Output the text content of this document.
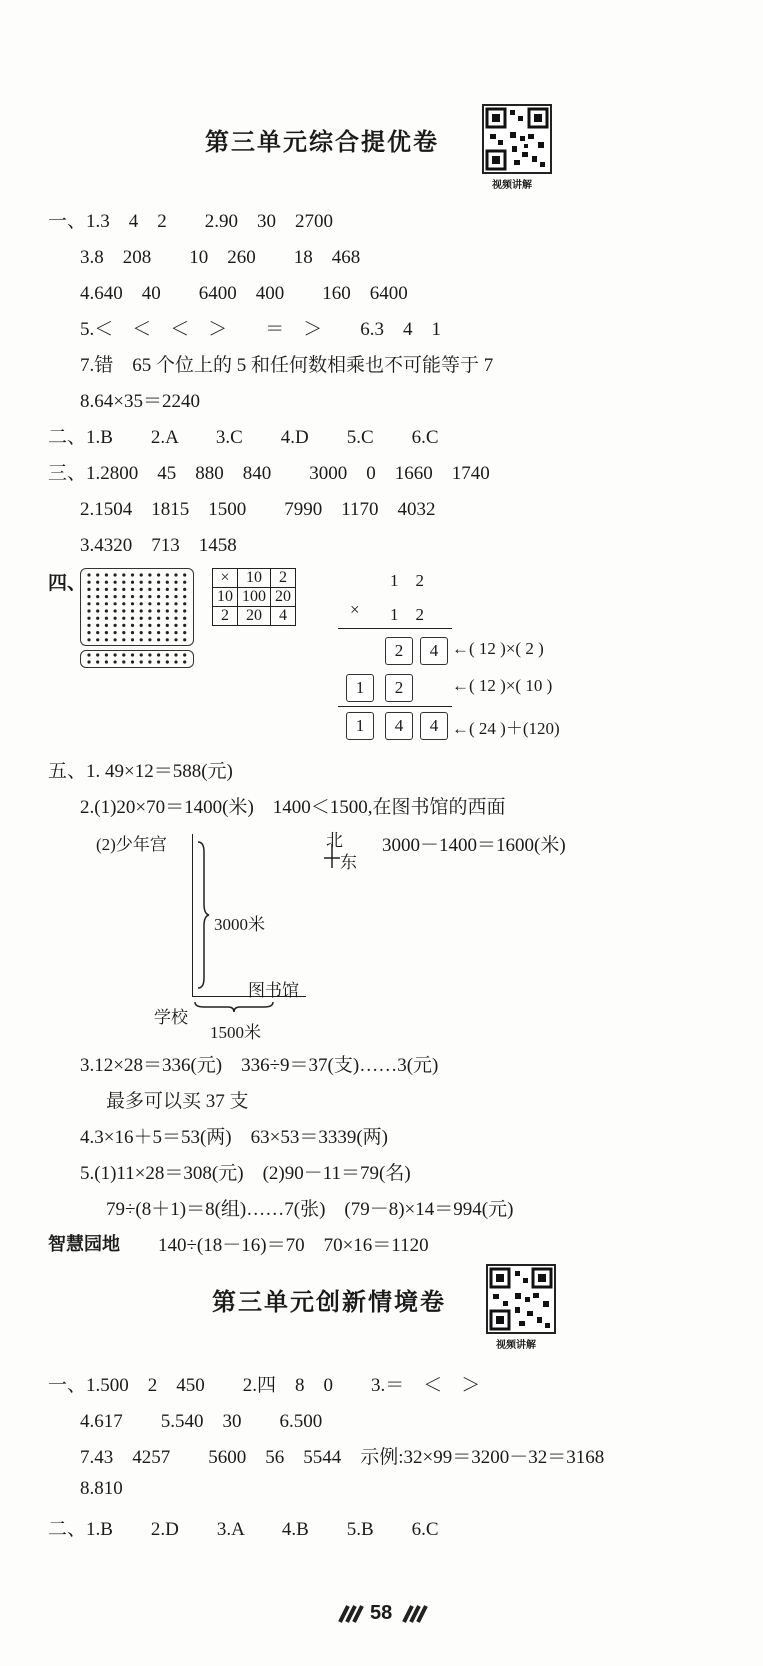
第三单元综合提优卷
视频讲解
一、1.3　4　2　　2.90　30　2700
3.8　208　　10　260　　18　468
4.640　40　　6400　400　　160　6400
5.＜　＜　＜　＞　　＝　＞　　6.3　4　1
7.错　65 个位上的 5 和任何数相乘也不可能等于 7
8.64×35＝2240
二、1.B　　2.A　　3.C　　4.D　　5.C　　6.C
三、1.2800　45　880　840　　3000　0　1660　1740
2.1504　1815　1500　　7990　1170　4032
3.4320　713　1458
四、	×	10	2
10	100	20
2	20	4
1　2
× 1　2
2	4 ←( 12 )×( 2 )
1	2	←( 12 )×( 10 )
1	4	4 ←( 24 )＋(120)
五、1. 49×12＝588(元)
2.(1)20×70＝1400(米)　1400＜1500,在图书馆的西面
(2)少年宫	北
东
3000－1400＝1600(米)
3000米
图书馆
学校
1500米
3.12×28＝336(元)　336÷9＝37(支)……3(元)
最多可以买 37 支
4.3×16＋5＝53(两)　63×53＝3339(两)
5.(1)11×28＝308(元)　(2)90－11＝79(名)
79÷(8＋1)＝8(组)……7(张)　(79－8)×14＝994(元)
智慧园地 140÷(18－16)＝70　70×16＝1120
第三单元创新情境卷
视频讲解
一、1.500　2　450　　2.四　8　0　　3.＝　＜　＞
4.617　　5.540　30　　6.500
7.43　4257　　5600　56　5544　示例:32×99＝3200－32＝3168
8.810
二、1.B　　2.D　　3.A　　4.B　　5.B　　6.C
58
